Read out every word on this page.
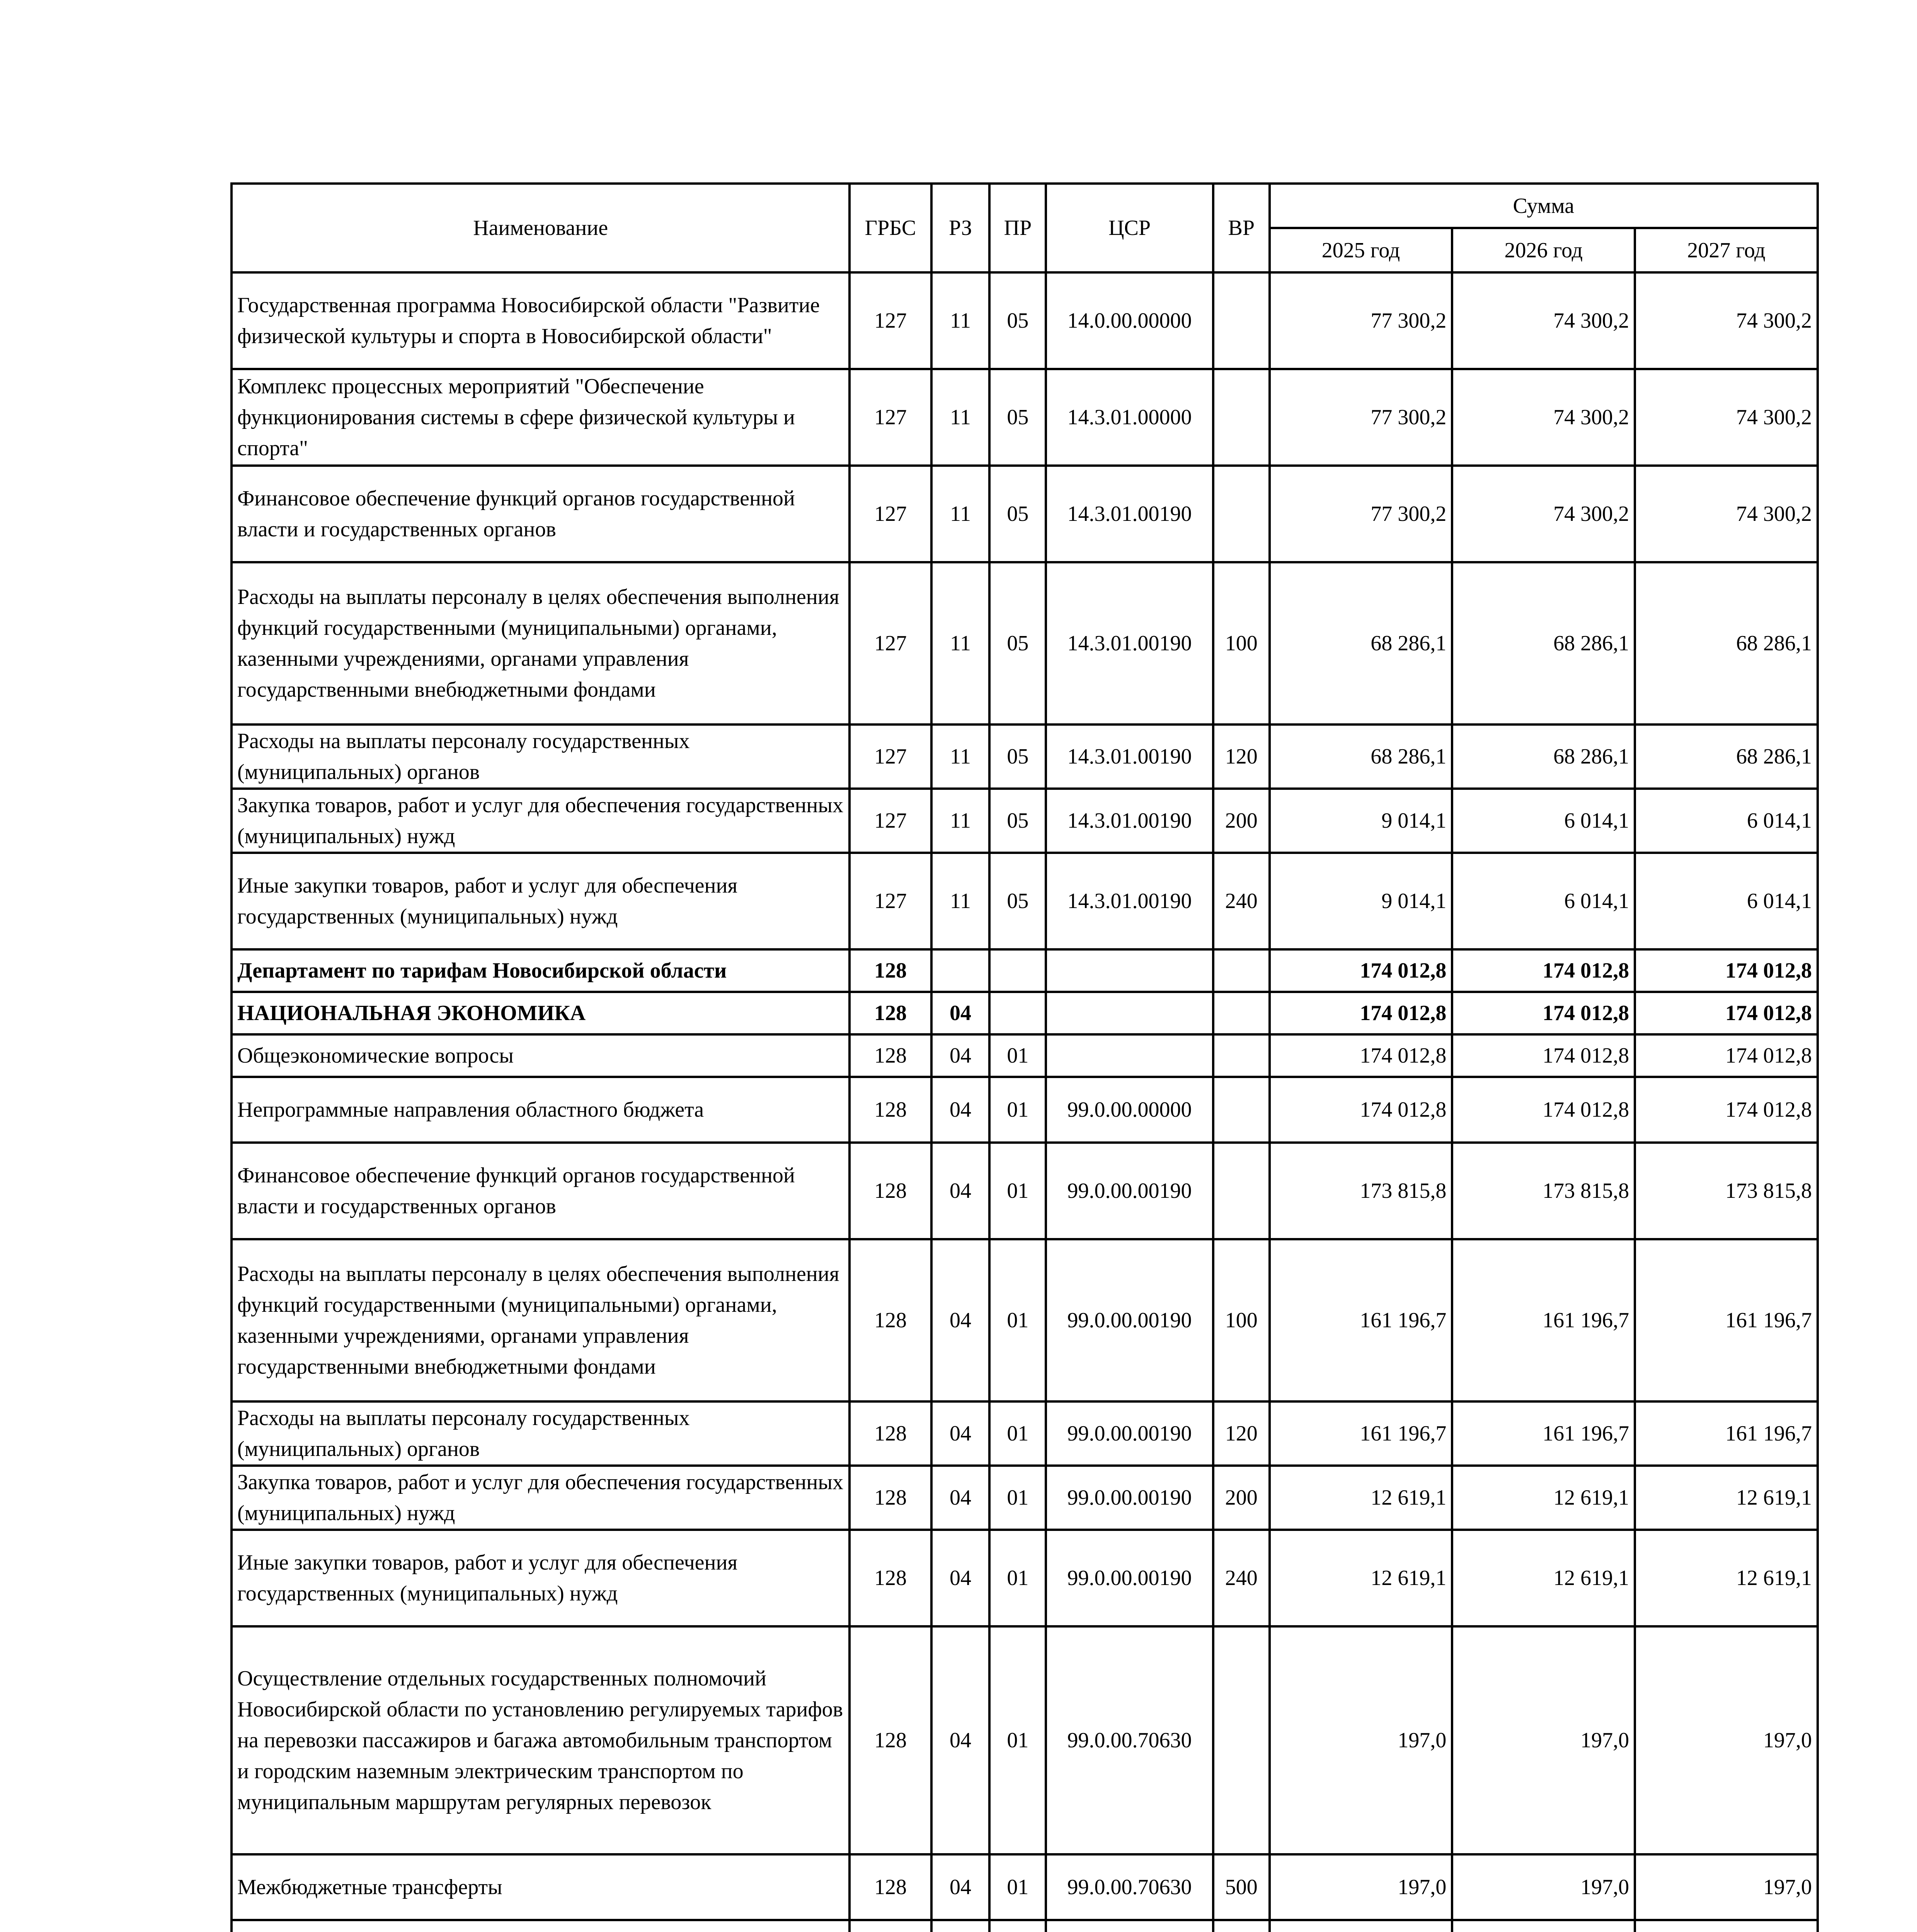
Наименование	ГРБС	РЗ	ПР	ЦСР	ВР	Сумма		
						2025 год	2026 год	2027 год
Государственная программа Новосибирской области "Развитие физической культуры и спорта в Новосибирской области"	127	11	05	14.0.00.00000		77 300,2	74 300,2	74 300,2
Комплекс процессных мероприятий "Обеспечение функционирования системы в сфере физической культуры и спорта"	127	11	05	14.3.01.00000		77 300,2	74 300,2	74 300,2
Финансовое обеспечение функций органов государственной власти и государственных органов	127	11	05	14.3.01.00190		77 300,2	74 300,2	74 300,2
Расходы на выплаты персоналу в целях обеспечения выполнения функций государственными (муниципальными) органами, казенными учреждениями, органами управления государственными внебюджетными фондами	127	11	05	14.3.01.00190	100	68 286,1	68 286,1	68 286,1
Расходы на выплаты персоналу государственных (муниципальных) органов	127	11	05	14.3.01.00190	120	68 286,1	68 286,1	68 286,1
Закупка товаров, работ и услуг для обеспечения государственных (муниципальных) нужд	127	11	05	14.3.01.00190	200	9 014,1	6 014,1	6 014,1
Иные закупки товаров, работ и услуг для обеспечения государственных (муниципальных) нужд	127	11	05	14.3.01.00190	240	9 014,1	6 014,1	6 014,1
Департамент по тарифам Новосибирской области	128					174 012,8	174 012,8	174 012,8
НАЦИОНАЛЬНАЯ ЭКОНОМИКА	128	04				174 012,8	174 012,8	174 012,8
Общеэкономические вопросы	128	04	01			174 012,8	174 012,8	174 012,8
Непрограммные направления областного бюджета	128	04	01	99.0.00.00000		174 012,8	174 012,8	174 012,8
Финансовое обеспечение функций органов государственной власти и государственных органов	128	04	01	99.0.00.00190		173 815,8	173 815,8	173 815,8
Расходы на выплаты персоналу в целях обеспечения выполнения функций государственными (муниципальными) органами, казенными учреждениями, органами управления государственными внебюджетными фондами	128	04	01	99.0.00.00190	100	161 196,7	161 196,7	161 196,7
Расходы на выплаты персоналу государственных (муниципальных) органов	128	04	01	99.0.00.00190	120	161 196,7	161 196,7	161 196,7
Закупка товаров, работ и услуг для обеспечения государственных (муниципальных) нужд	128	04	01	99.0.00.00190	200	12 619,1	12 619,1	12 619,1
Иные закупки товаров, работ и услуг для обеспечения государственных (муниципальных) нужд	128	04	01	99.0.00.00190	240	12 619,1	12 619,1	12 619,1
Осуществление отдельных государственных полномочий Новосибирской области по установлению регулируемых тарифов на перевозки пассажиров и багажа автомобильным транспортом и городским наземным электрическим транспортом по муниципальным маршрутам регулярных перевозок	128	04	01	99.0.00.70630		197,0	197,0	197,0
Межбюджетные трансферты	128	04	01	99.0.00.70630	500	197,0	197,0	197,0
